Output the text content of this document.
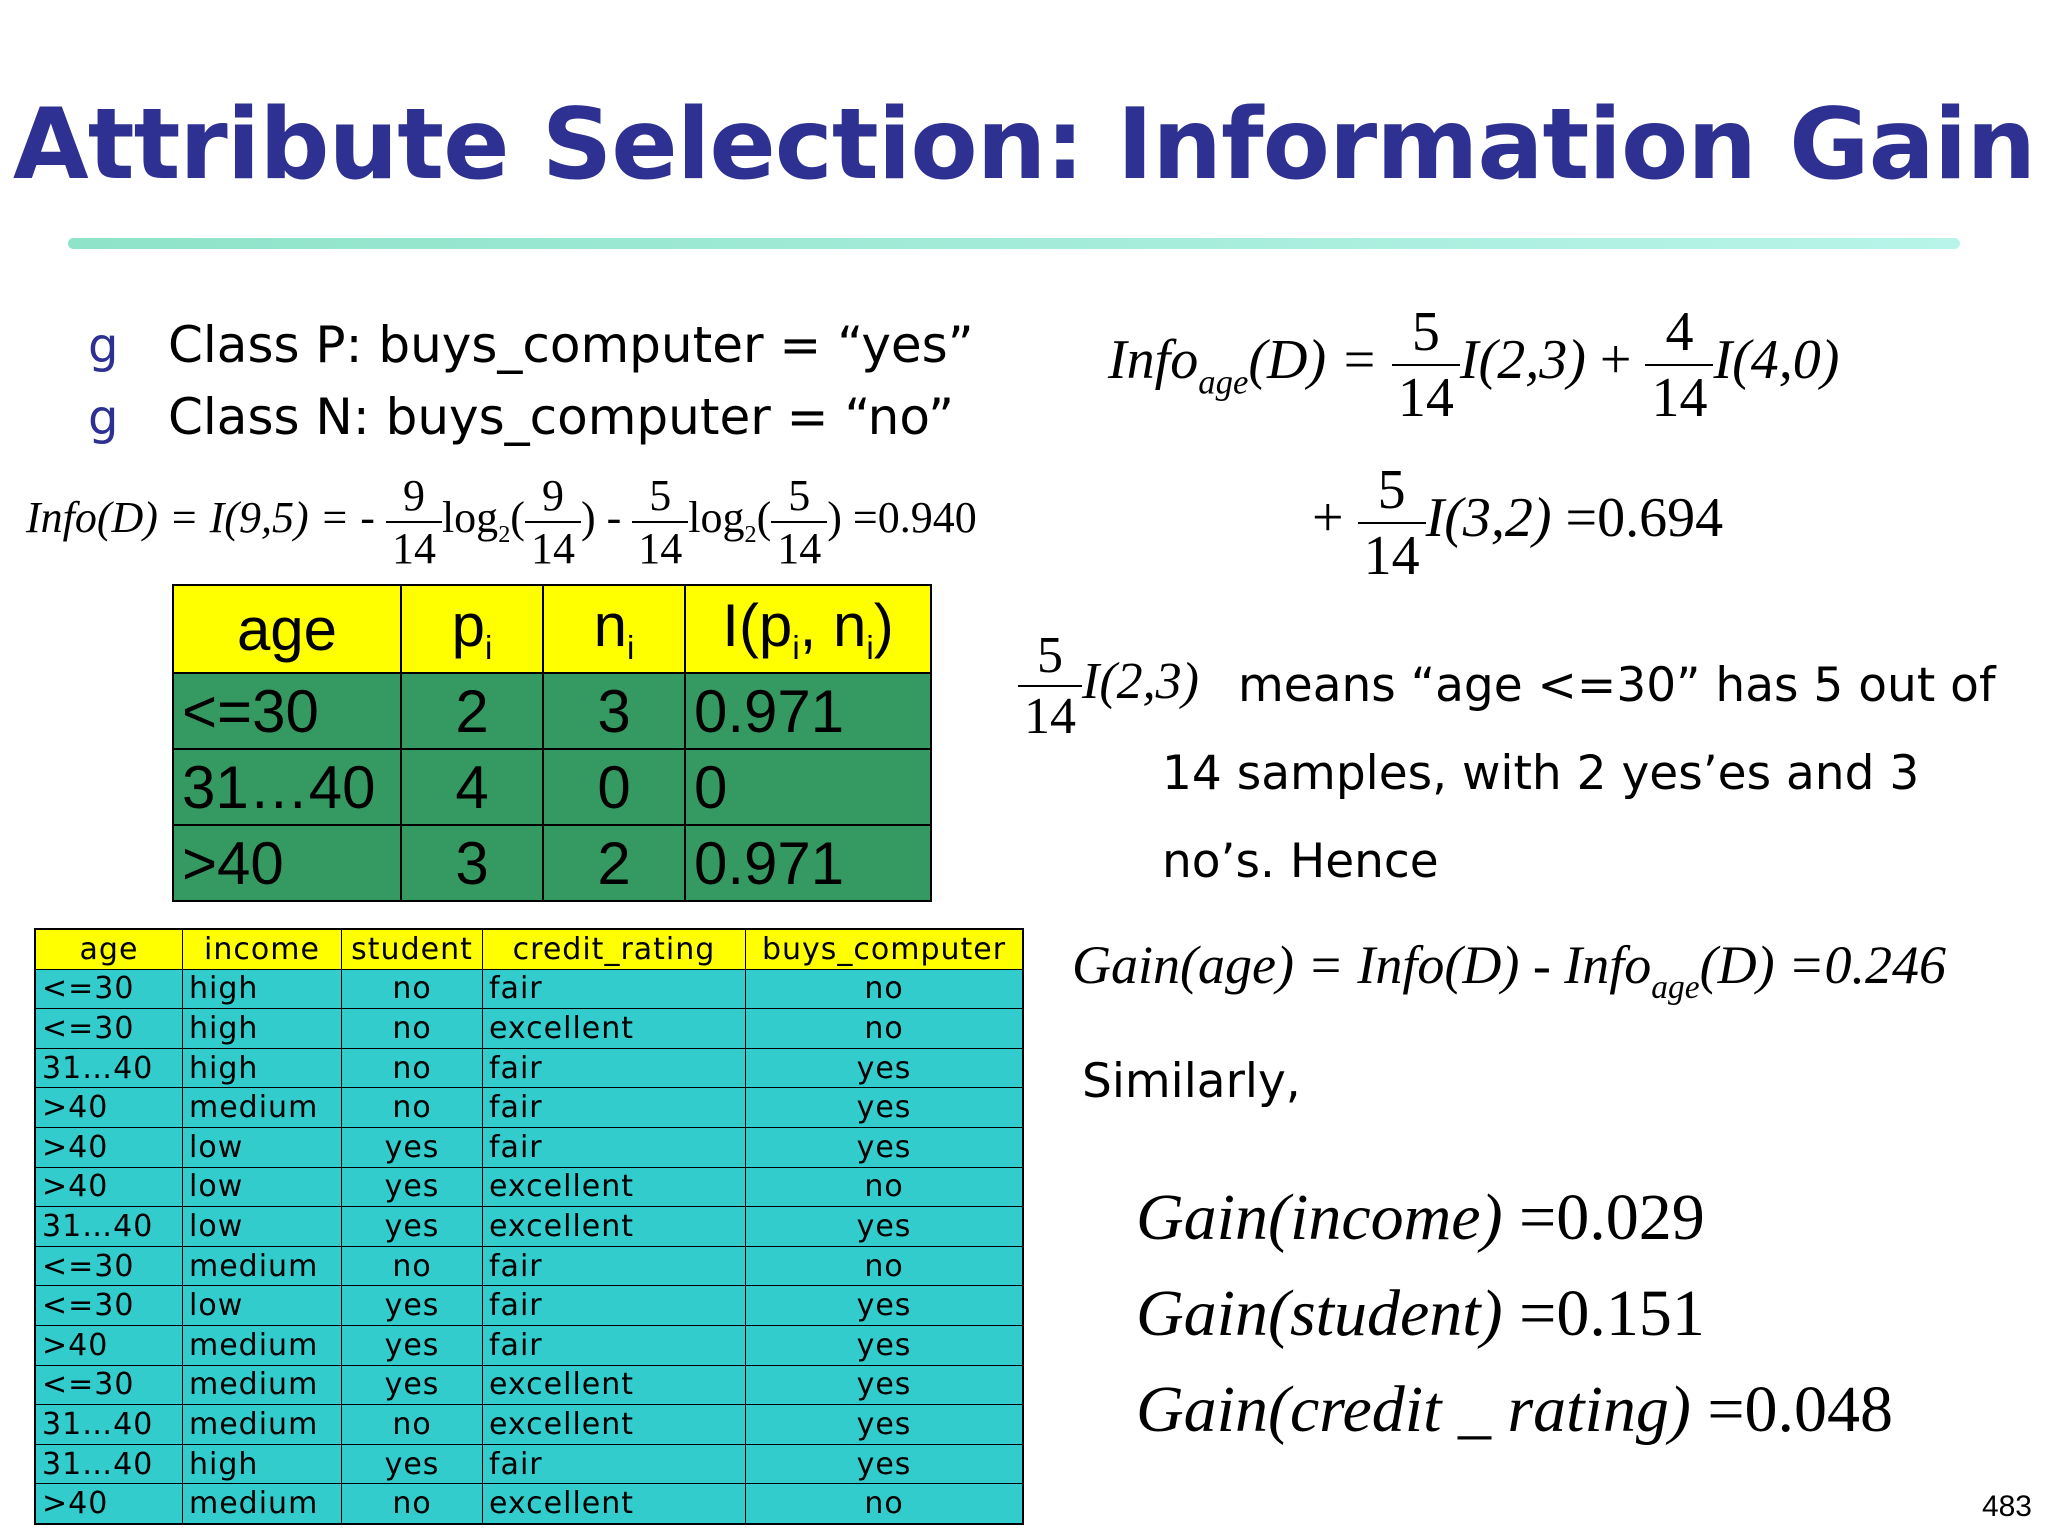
Attribute Selection: Information Gain
g Class P: buys_computer = “yes”
g Class N: buys_computer = “no”
Info(D) = I(9,5) = - $\frac{9}{14} \log_2( \frac{9}{14}$ ) - $\frac{5}{14} \log_2( \frac{5}{14}$ ) =0.940
age	$p_i$	$n_i$	$I(p_i$, $n_i$)
<=30	2	3	0.971
31…40	4	0	0
>40	3	2	0.971
age	income	student	credit_rating	buys_computer
<=30	high	no	fair	no
<=30	high	no	excellent	no
31…40	high	no	fair	yes
>40	medium	no	fair	yes
>40	low	yes	fair	yes
>40	low	yes	excellent	no
31…40	low	yes	excellent	yes
<=30	medium	no	fair	no
<=30	low	yes	fair	yes
>40	medium	yes	fair	yes
<=30	medium	yes	excellent	yes
31…40	medium	no	excellent	yes
31…40	high	yes	fair	yes
>40	medium	no	excellent	no
Info$_{age}$(D) = $\frac{5}{14} I(2,3) + \frac{4}{14} I(4,0)$
+ $\frac{5}{14} I(3,2) =0.694$
$\frac{5}{14} I(2,3)$ means “age <=30” has 5 out of
14 samples, with 2 yes’es and 3
no’s. Hence
Gain(age) = Info(D) - Info$_{age}$(D) =0.246
Similarly,
Gain(income) =0.029
Gain(student) =0.151
Gain(credit _ rating) =0.048
483
